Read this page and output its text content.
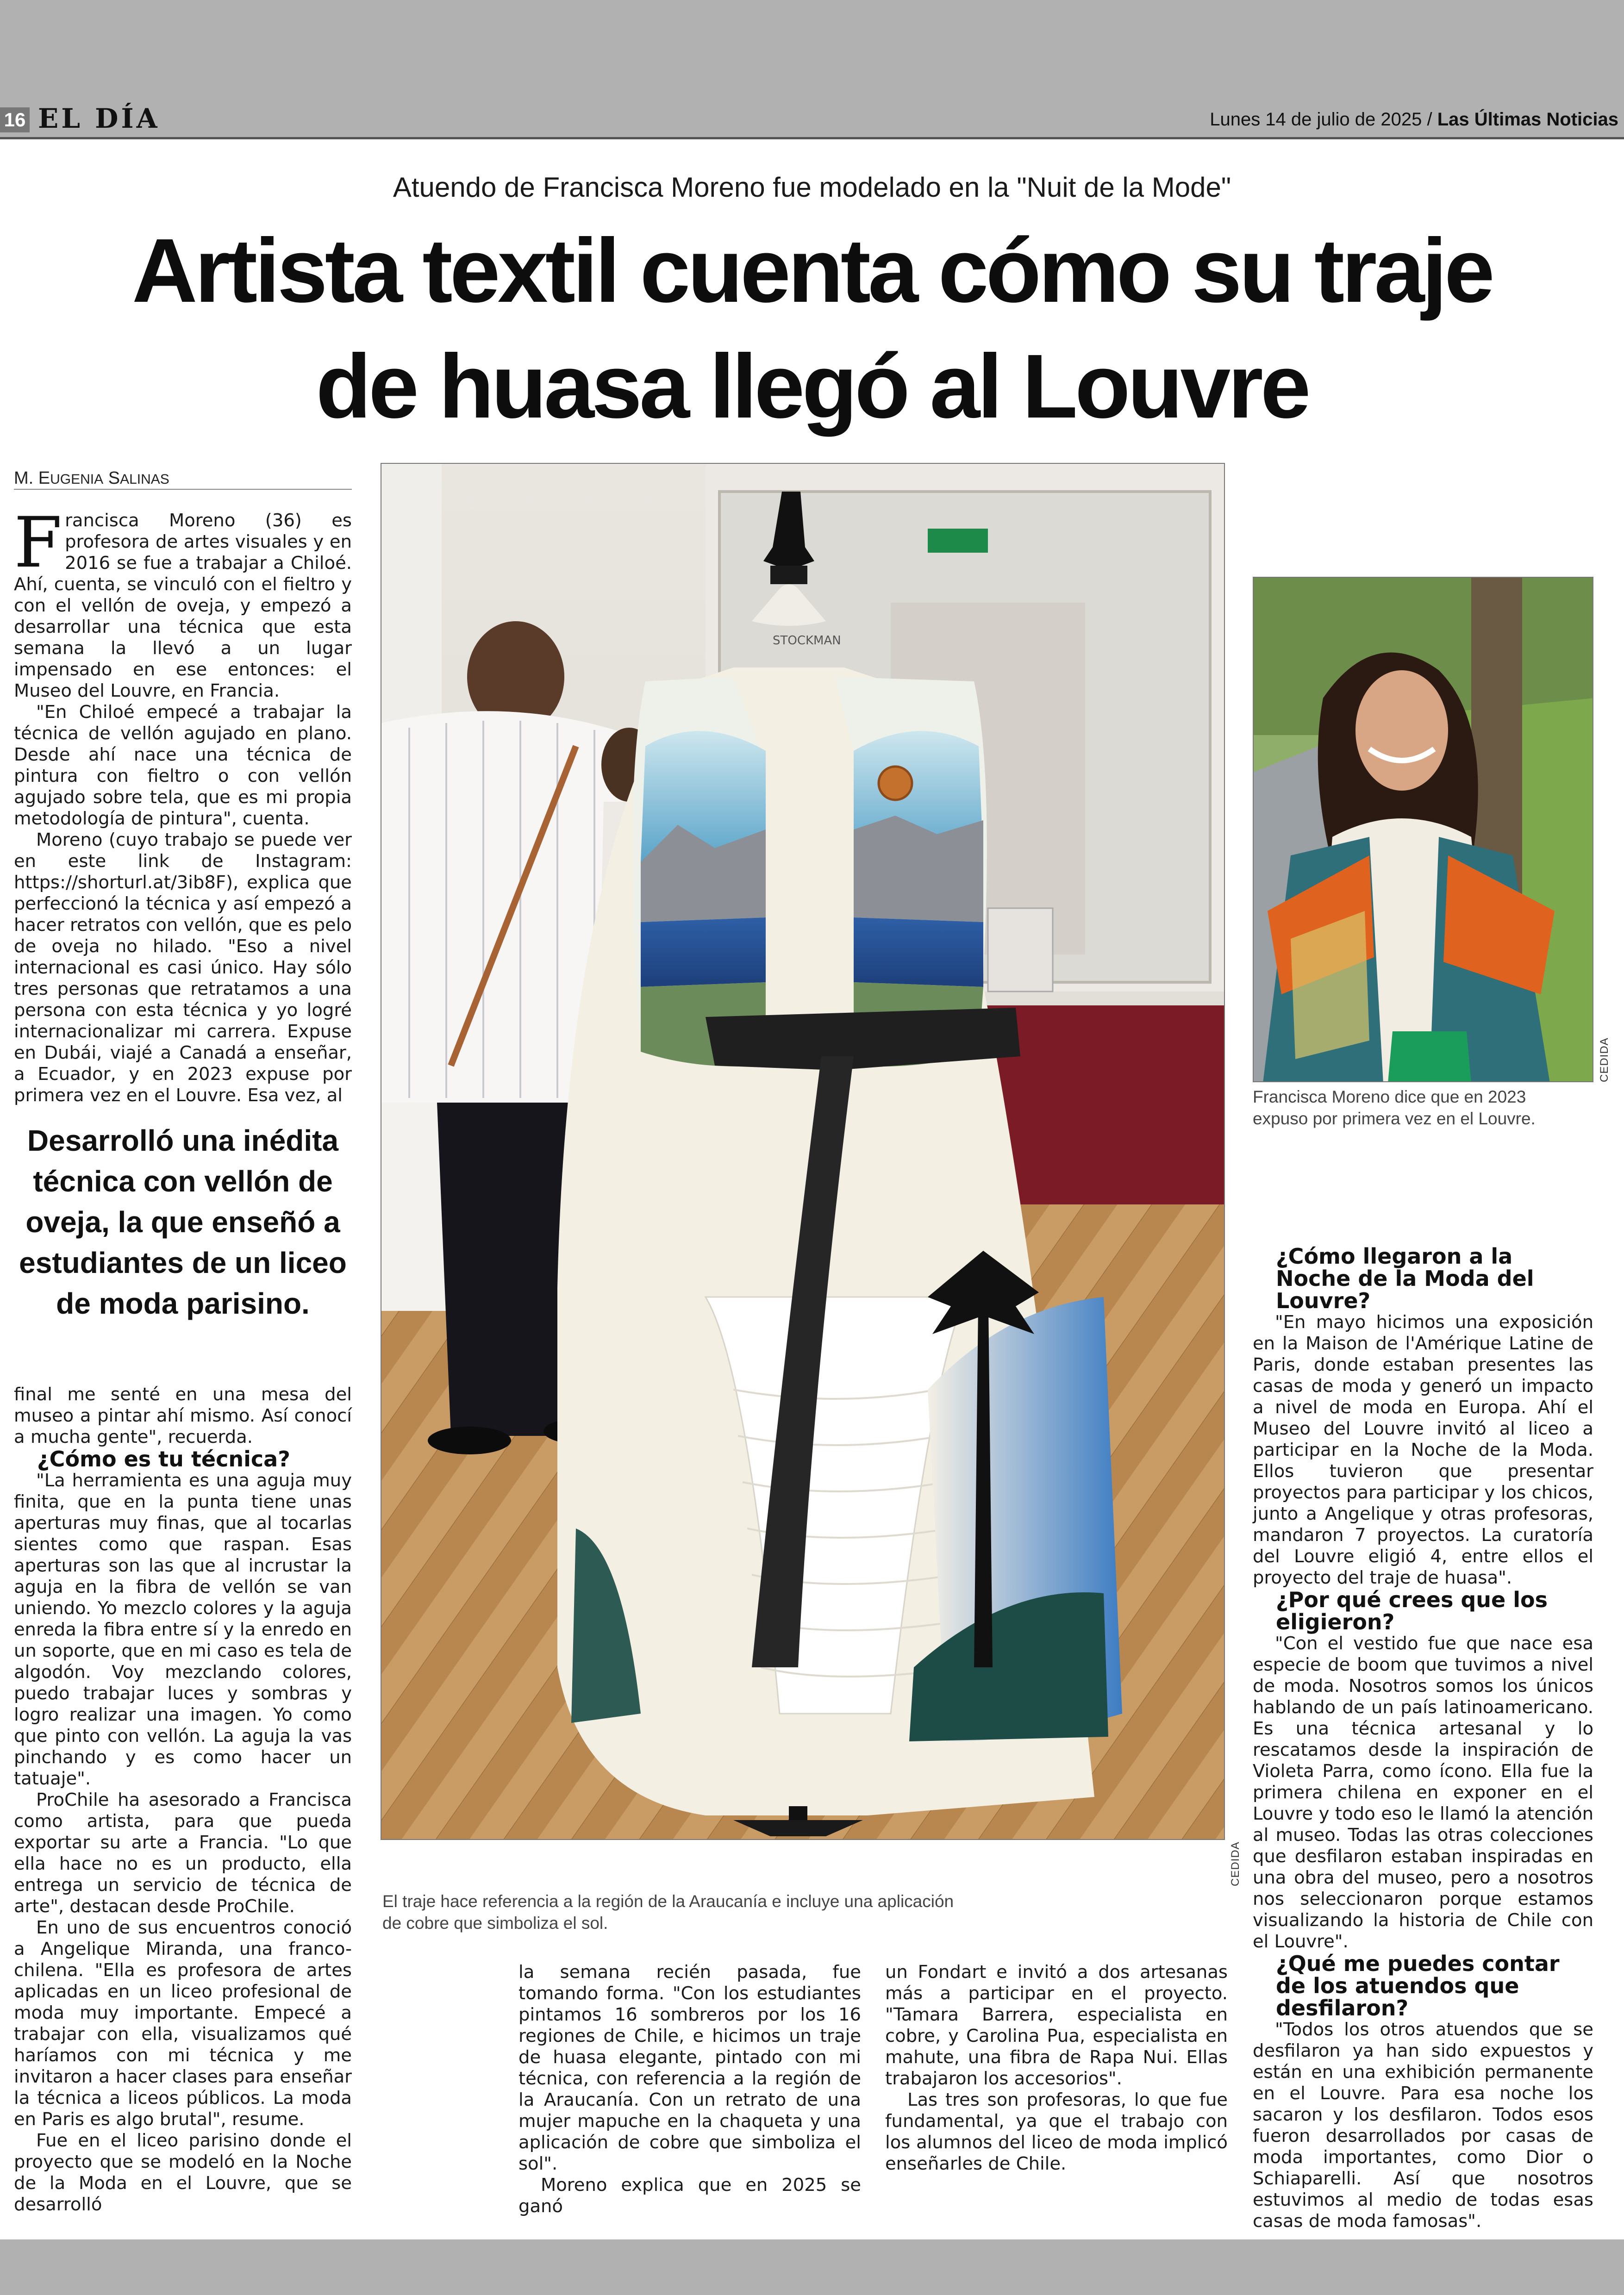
16 EL DÍA	Lunes 14 de julio de 2025 / Las Últimas Noticias
Atuendo de Francisca Moreno fue modelado en la "Nuit de la Mode"
Artista textil cuenta cómo su traje
de huasa llegó al Louvre
M. EUGENIA SALINAS

Francisca Moreno (36) es profesora de artes visuales y en 2016 se fue a trabajar a Chiloé. Ahí, cuenta, se vinculó con el fieltro y con el vellón de oveja, y empezó a desarrollar una técnica que esta semana la llevó a un lugar impensado en ese entonces: el Museo del Louvre, en Francia.

"En Chiloé empecé a trabajar la técnica de vellón agujado en plano. Desde ahí nace una técnica de pintura con fieltro o con vellón agujado sobre tela, que es mi propia metodología de pintura", cuenta.

Moreno (cuyo trabajo se puede ver en este link de Instagram: https://shorturl.at/3ib8F), explica que perfeccionó la técnica y así empezó a hacer retratos con vellón, que es pelo de oveja no hilado. "Eso a nivel internacional es casi único. Hay sólo tres personas que retratamos a una persona con esta técnica y yo logré internacionalizar mi carrera. Expuse en Dubái, viajé a Canadá a enseñar, a Ecuador, y en 2023 expuse por primera vez en el Louvre. Esa vez, al

Desarrolló una inédita técnica con vellón de oveja, la que enseñó a estudiantes de un liceo de moda parisino.

final me senté en una mesa del museo a pintar ahí mismo. Así conocí a mucha gente", recuerda.

¿Cómo es tu técnica?

"La herramienta es una aguja muy finita, que en la punta tiene unas aperturas muy finas, que al tocarlas sientes como que raspan. Esas aperturas son las que al incrustar la aguja en la fibra de vellón se van uniendo. Yo mezclo colores y la aguja enreda la fibra entre sí y la enredo en un soporte, que en mi caso es tela de algodón. Voy mezclando colores, puedo trabajar luces y sombras y logro realizar una imagen. Yo como que pinto con vellón. La aguja la vas pinchando y es como hacer un tatuaje".

ProChile ha asesorado a Francisca como artista, para que pueda exportar su arte a Francia. "Lo que ella hace no es un producto, ella entrega un servicio de técnica de arte", destacan desde ProChile.

En uno de sus encuentros conoció a Angelique Miranda, una franco-chilena. "Ella es profesora de artes aplicadas en un liceo profesional de moda muy importante. Empecé a trabajar con ella, visualizamos qué haríamos con mi técnica y me invitaron a hacer clases para enseñar la técnica a liceos públicos. La moda en Paris es algo brutal", resume.

Fue en el liceo parisino donde el proyecto que se modeló en la Noche de la Moda en el Louvre, que se desarrolló

STOCKMAN
CEDIDA
El traje hace referencia a la región de la Araucanía e incluye una aplicación de cobre que simboliza el sol.
CEDIDA
Francisca Moreno dice que en 2023 expuso por primera vez en el Louvre.

la semana recién pasada, fue tomando forma. "Con los estudiantes pintamos 16 sombreros por los 16 regiones de Chile, e hicimos un traje de huasa elegante, pintado con mi técnica, con referencia a la región de la Araucanía. Con un retrato de una mujer mapuche en la chaqueta y una aplicación de cobre que simboliza el sol".

Moreno explica que en 2025 se ganó

un Fondart e invitó a dos artesanas más a participar en el proyecto. "Tamara Barrera, especialista en cobre, y Carolina Pua, especialista en mahute, una fibra de Rapa Nui. Ellas trabajaron los accesorios".

Las tres son profesoras, lo que fue fundamental, ya que el trabajo con los alumnos del liceo de moda implicó enseñarles de Chile.

¿Cómo llegaron a la Noche de la Moda del Louvre?

"En mayo hicimos una exposición en la Maison de l'Amérique Latine de Paris, donde estaban presentes las casas de moda y generó un impacto a nivel de moda en Europa. Ahí el Museo del Louvre invitó al liceo a participar en la Noche de la Moda. Ellos tuvieron que presentar proyectos para participar y los chicos, junto a Angelique y otras profesoras, mandaron 7 proyectos. La curatoría del Louvre eligió 4, entre ellos el proyecto del traje de huasa".

¿Por qué crees que los eligieron?

"Con el vestido fue que nace esa especie de boom que tuvimos a nivel de moda. Nosotros somos los únicos hablando de un país latinoamericano. Es una técnica artesanal y lo rescatamos desde la inspiración de Violeta Parra, como ícono. Ella fue la primera chilena en exponer en el Louvre y todo eso le llamó la atención al museo. Todas las otras colecciones que desfilaron estaban inspiradas en una obra del museo, pero a nosotros nos seleccionaron porque estamos visualizando la historia de Chile con el Louvre".

¿Qué me puedes contar de los atuendos que desfilaron?

"Todos los otros atuendos que se desfilaron ya han sido expuestos y están en una exhibición permanente en el Louvre. Para esa noche los sacaron y los desfilaron. Todos esos fueron desarrollados por casas de moda importantes, como Dior o Schiaparelli. Así que nosotros estuvimos al medio de todas esas casas de moda famosas".
